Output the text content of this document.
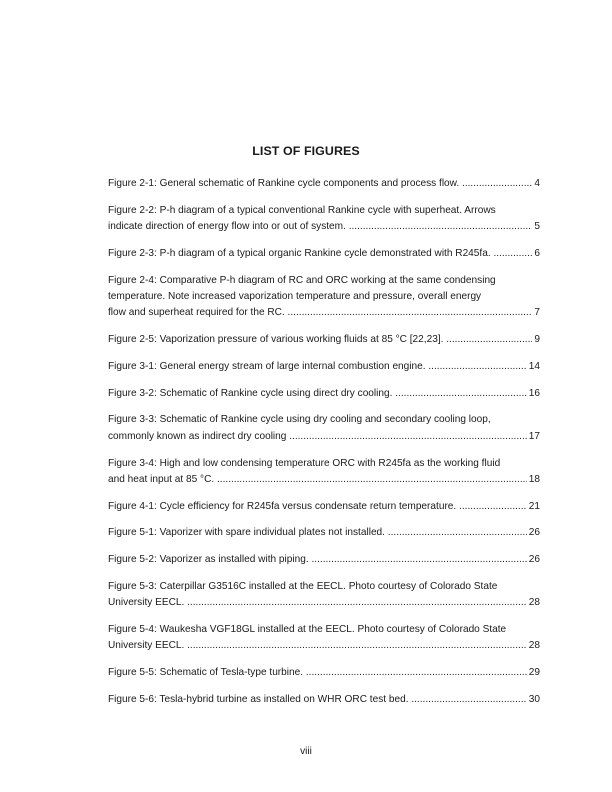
LIST OF FIGURES
Figure 2-1: General schematic of Rankine cycle components and process flow. .....	4
Figure 2-2: P-h diagram of a typical conventional Rankine cycle with superheat. Arrows
indicate direction of energy flow into or out of system. .....	5
Figure 2-3: P-h diagram of a typical organic Rankine cycle demonstrated with R245fa. .....	6
Figure 2-4: Comparative P-h diagram of RC and ORC working at the same condensing
temperature. Note increased vaporization temperature and pressure, overall energy
flow and superheat required for the RC. .....	7
Figure 2-5: Vaporization pressure of various working fluids at 85 °C [22,23]. .....	9
Figure 3-1: General energy stream of large internal combustion engine. .....	14
Figure 3-2: Schematic of Rankine cycle using direct dry cooling. .....	16
Figure 3-3: Schematic of Rankine cycle using dry cooling and secondary cooling loop,
commonly known as indirect dry cooling .....	17
Figure 3-4: High and low condensing temperature ORC with R245fa as the working fluid
and heat input at 85 °C. .....	18
Figure 4-1: Cycle efficiency for R245fa versus condensate return temperature. .....	21
Figure 5-1: Vaporizer with spare individual plates not installed. .....	26
Figure 5-2: Vaporizer as installed with piping. .....	26
Figure 5-3: Caterpillar G3516C installed at the EECL. Photo courtesy of Colorado State
University EECL. .....	28
Figure 5-4: Waukesha VGF18GL installed at the EECL. Photo courtesy of Colorado State
University EECL. .....	28
Figure 5-5: Schematic of Tesla-type turbine. .....	29
Figure 5-6: Tesla-hybrid turbine as installed on WHR ORC test bed. .....	30
viii
